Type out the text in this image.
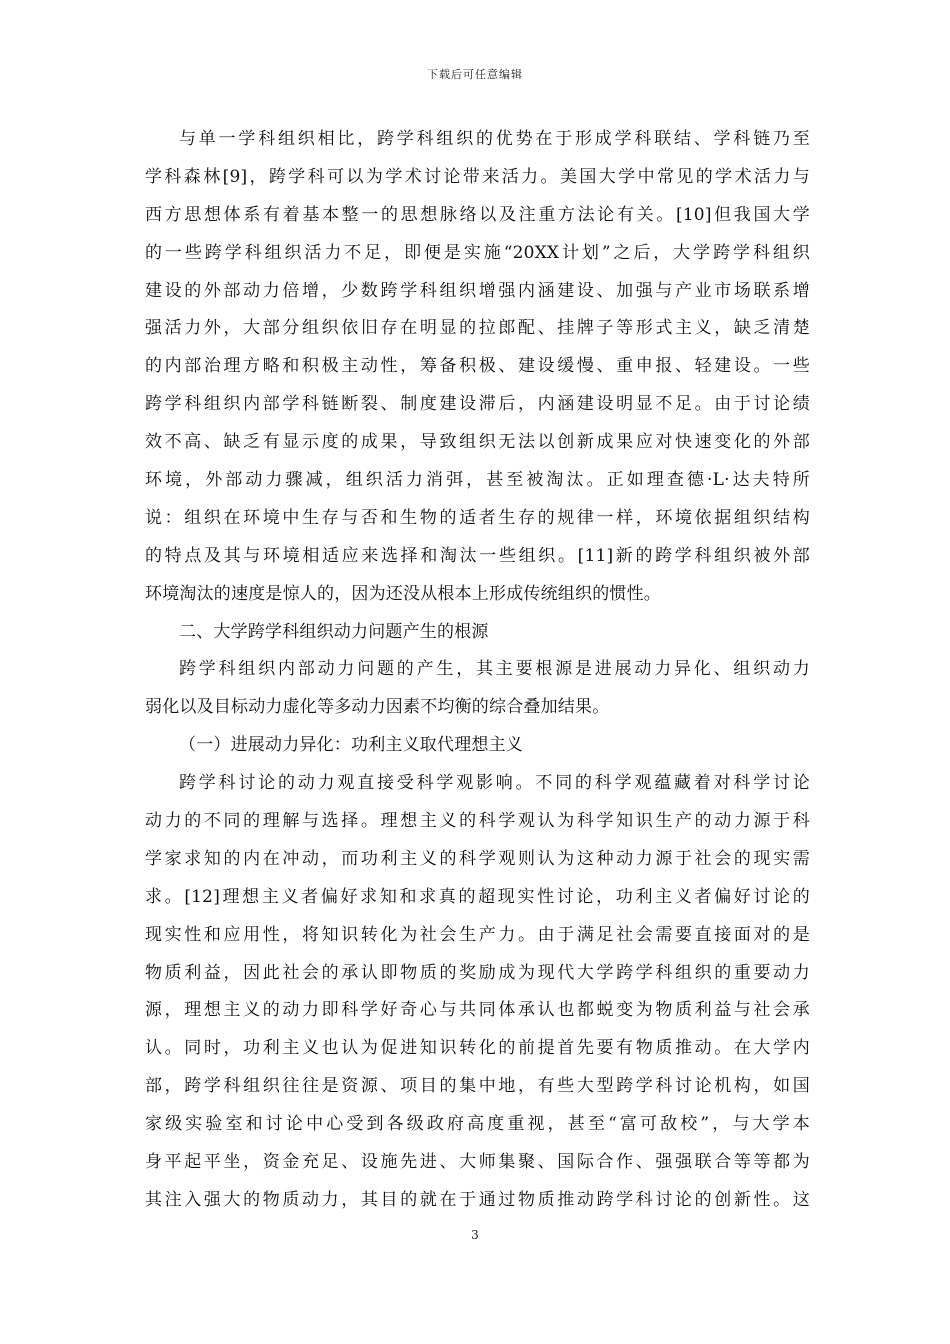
下载后可任意编辑
与单一学科组织相比，跨学科组织的优势在于形成学科联结、学科链乃至
学科森林[9]，跨学科可以为学术讨论带来活力。美国大学中常见的学术活力与
西方思想体系有着基本整一的思想脉络以及注重方法论有关。[10]但我国大学
的一些跨学科组织活力不足，即便是实施“20XX计划”之后，大学跨学科组织
建设的外部动力倍增，少数跨学科组织增强内涵建设、加强与产业市场联系增
强活力外，大部分组织依旧存在明显的拉郎配、挂牌子等形式主义，缺乏清楚
的内部治理方略和积极主动性，筹备积极、建设缓慢、重申报、轻建设。一些
跨学科组织内部学科链断裂、制度建设滞后，内涵建设明显不足。由于讨论绩
效不高、缺乏有显示度的成果，导致组织无法以创新成果应对快速变化的外部
环境，外部动力骤减，组织活力消弭，甚至被淘汰。正如理查德·L·达夫特所
说：组织在环境中生存与否和生物的适者生存的规律一样，环境依据组织结构
的特点及其与环境相适应来选择和淘汰一些组织。[11]新的跨学科组织被外部
环境淘汰的速度是惊人的，因为还没从根本上形成传统组织的惯性。
二、大学跨学科组织动力问题产生的根源
跨学科组织内部动力问题的产生，其主要根源是进展动力异化、组织动力
弱化以及目标动力虚化等多动力因素不均衡的综合叠加结果。
（一）进展动力异化：功利主义取代理想主义
跨学科讨论的动力观直接受科学观影响。不同的科学观蕴藏着对科学讨论
动力的不同的理解与选择。理想主义的科学观认为科学知识生产的动力源于科
学家求知的内在冲动，而功利主义的科学观则认为这种动力源于社会的现实需
求。[12]理想主义者偏好求知和求真的超现实性讨论，功利主义者偏好讨论的
现实性和应用性，将知识转化为社会生产力。由于满足社会需要直接面对的是
物质利益，因此社会的承认即物质的奖励成为现代大学跨学科组织的重要动力
源，理想主义的动力即科学好奇心与共同体承认也都蜕变为物质利益与社会承
认。同时，功利主义也认为促进知识转化的前提首先要有物质推动。在大学内
部，跨学科组织往往是资源、项目的集中地，有些大型跨学科讨论机构，如国
家级实验室和讨论中心受到各级政府高度重视，甚至“富可敌校”，与大学本
身平起平坐，资金充足、设施先进、大师集聚、国际合作、强强联合等等都为
其注入强大的物质动力，其目的就在于通过物质推动跨学科讨论的创新性。这
3
